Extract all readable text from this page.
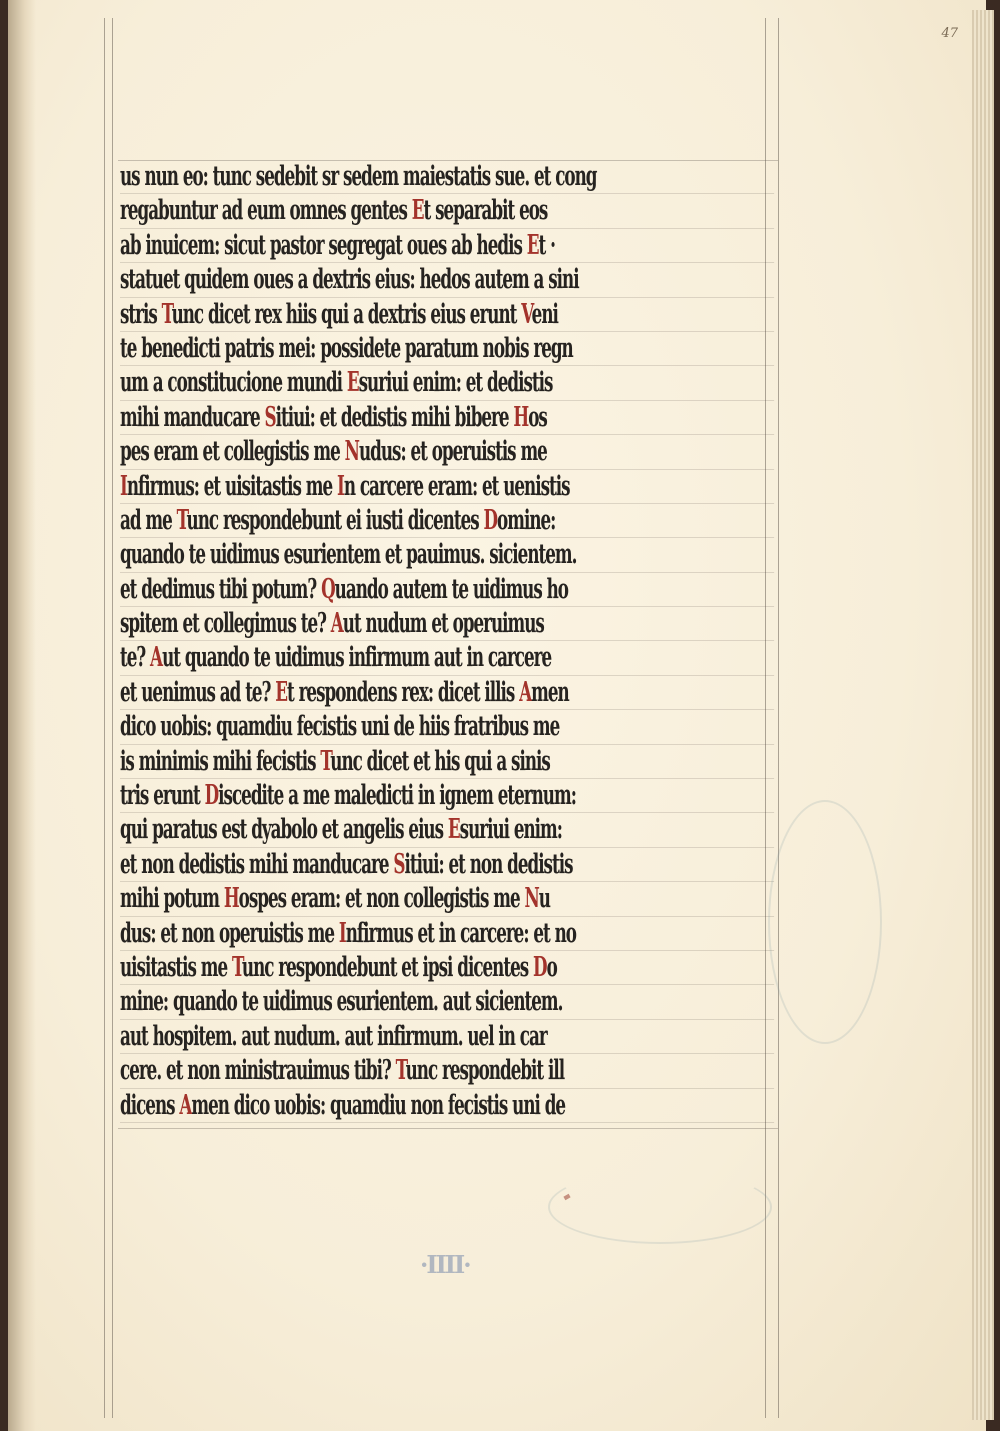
47
us nun eo: tunc sedebit sr sedem maiestatis sue. et cong
regabuntur ad eum omnes gentes Et separabit eos
ab inuicem: sicut pastor segregat oues ab hedis Et ·
statuet quidem oues a dextris eius: hedos autem a sini
stris Tunc dicet rex hiis qui a dextris eius erunt Veni
te benedicti patris mei: possidete paratum nobis regn
um a constitucione mundi Esuriui enim: et dedistis
mihi manducare Sitiui: et dedistis mihi bibere Hos
pes eram et collegistis me Nudus: et operuistis me
Infirmus: et uisitastis me In carcere eram: et uenistis
ad me Tunc respondebunt ei iusti dicentes Domine:
quando te uidimus esurientem et pauimus. sicientem.
et dedimus tibi potum? Quando autem te uidimus ho
spitem et collegimus te? Aut nudum et operuimus
te? Aut quando te uidimus infirmum aut in carcere
et uenimus ad te? Et respondens rex: dicet illis Amen
dico uobis: quamdiu fecistis uni de hiis fratribus me
is minimis mihi fecistis Tunc dicet et his qui a sinis
tris erunt Discedite a me maledicti in ignem eternum:
qui paratus est dyabolo et angelis eius Esuriui enim:
et non dedistis mihi manducare Sitiui: et non dedistis
mihi potum Hospes eram: et non collegistis me Nu
dus: et non operuistis me Infirmus et in carcere: et no
uisitastis me Tunc respondebunt et ipsi dicentes Do
mine: quando te uidimus esurientem. aut sicientem.
aut hospitem. aut nudum. aut infirmum. uel in car
cere. et non ministrauimus tibi? Tunc respondebit ill
dicens Amen dico uobis: quamdiu non fecistis uni de
·IIII·
